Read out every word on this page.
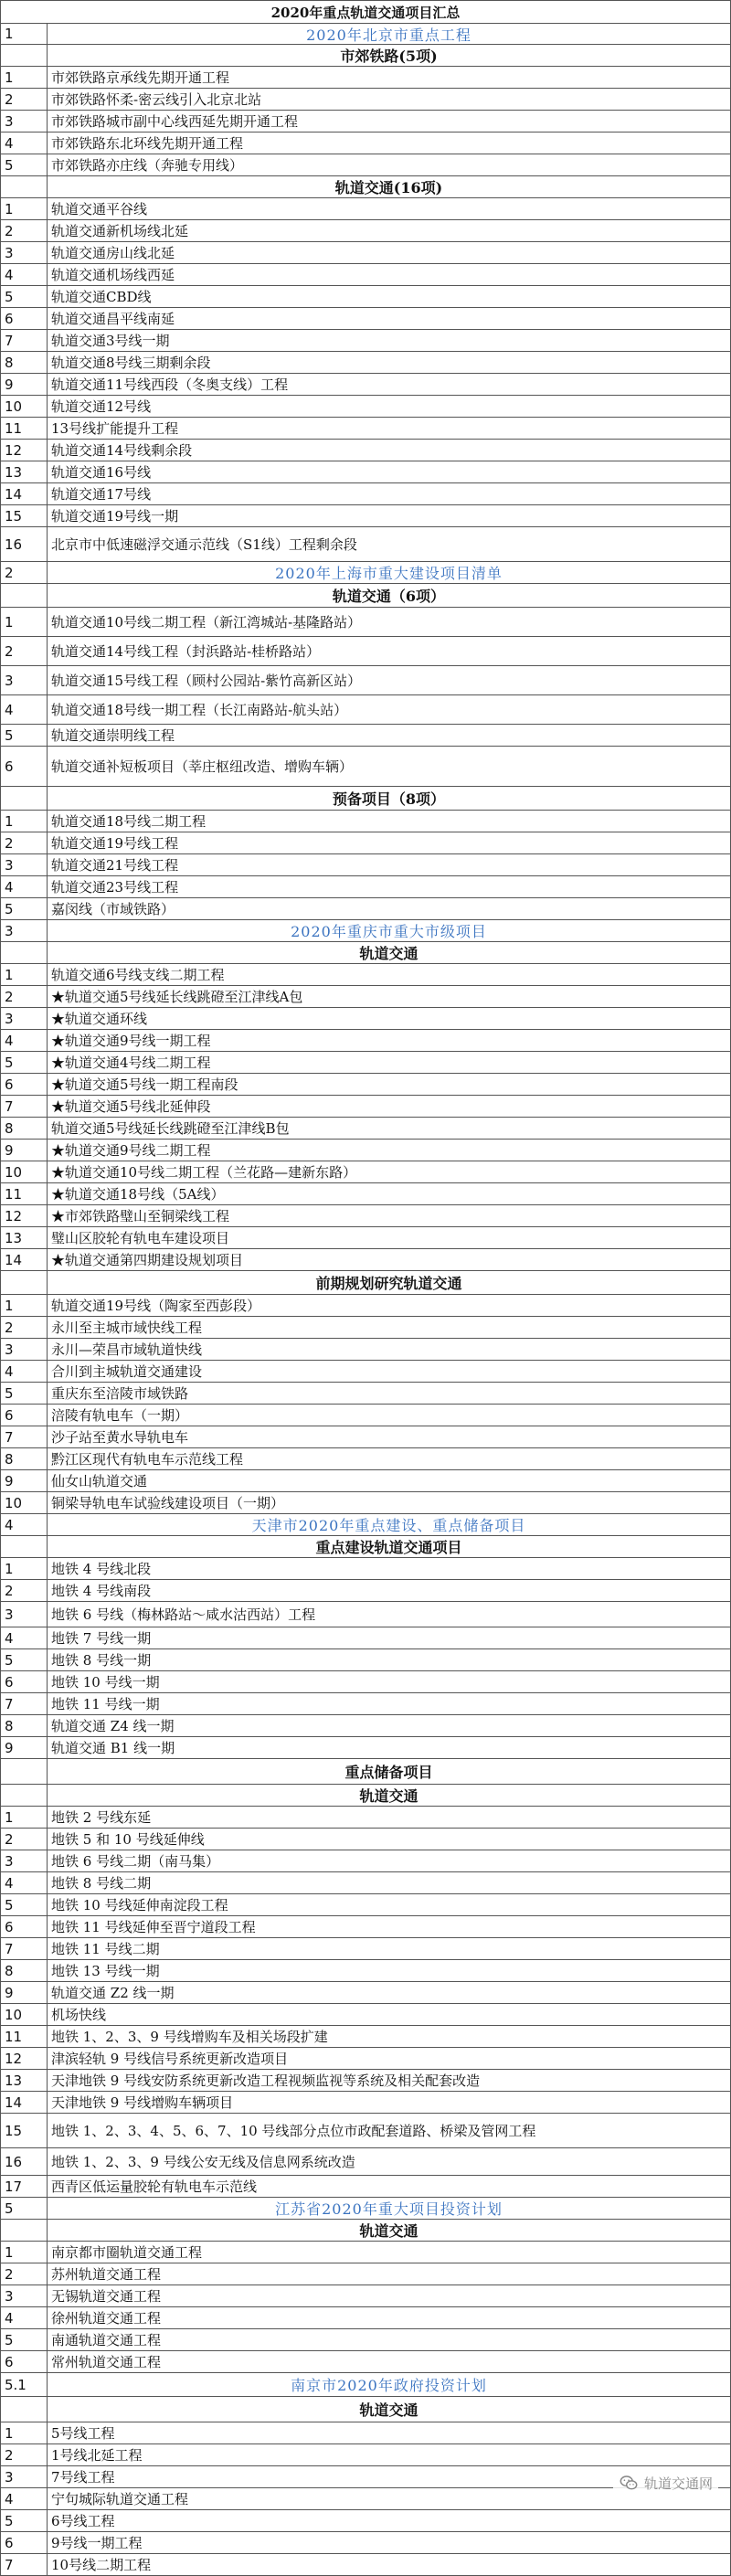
2020年重点轨道交通项目汇总
1	2020年北京市重点工程
市郊铁路(5项)
1	市郊铁路京承线先期开通工程
2	市郊铁路怀柔-密云线引入北京北站
3	市郊铁路城市副中心线西延先期开通工程
4	市郊铁路东北环线先期开通工程
5	市郊铁路亦庄线（奔驰专用线）
轨道交通(16项)
1	轨道交通平谷线
2	轨道交通新机场线北延
3	轨道交通房山线北延
4	轨道交通机场线西延
5	轨道交通CBD线
6	轨道交通昌平线南延
7	轨道交通3号线一期
8	轨道交通8号线三期剩余段
9	轨道交通11号线西段（冬奥支线）工程
10	轨道交通12号线
11	13号线扩能提升工程
12	轨道交通14号线剩余段
13	轨道交通16号线
14	轨道交通17号线
15	轨道交通19号线一期
16	北京市中低速磁浮交通示范线（S1线）工程剩余段
2	2020年上海市重大建设项目清单
轨道交通（6项）
1	轨道交通10号线二期工程（新江湾城站-基隆路站）
2	轨道交通14号线工程（封浜路站-桂桥路站）
3	轨道交通15号线工程（顾村公园站-紫竹高新区站）
4	轨道交通18号线一期工程（长江南路站-航头站）
5	轨道交通崇明线工程
6	轨道交通补短板项目（莘庄枢纽改造、增购车辆）
预备项目（8项）
1	轨道交通18号线二期工程
2	轨道交通19号线工程
3	轨道交通21号线工程
4	轨道交通23号线工程
5	嘉闵线（市域铁路）
3	2020年重庆市重大市级项目
轨道交通
1	轨道交通6号线支线二期工程
2	★轨道交通5号线延长线跳磴至江津线A包
3	★轨道交通环线
4	★轨道交通9号线一期工程
5	★轨道交通4号线二期工程
6	★轨道交通5号线一期工程南段
7	★轨道交通5号线北延伸段
8	轨道交通5号线延长线跳磴至江津线B包
9	★轨道交通9号线二期工程
10	★轨道交通10号线二期工程（兰花路—建新东路）
11	★轨道交通18号线（5A线）
12	★市郊铁路璧山至铜梁线工程
13	璧山区胶轮有轨电车建设项目
14	★轨道交通第四期建设规划项目
前期规划研究轨道交通
1	轨道交通19号线（陶家至西彭段）
2	永川至主城市域快线工程
3	永川—荣昌市域轨道快线
4	合川到主城轨道交通建设
5	重庆东至涪陵市域铁路
6	涪陵有轨电车（一期）
7	沙子站至黄水导轨电车
8	黔江区现代有轨电车示范线工程
9	仙女山轨道交通
10	铜梁导轨电车试验线建设项目（一期）
4	天津市2020年重点建设、重点储备项目
重点建设轨道交通项目
1	地铁 4 号线北段
2	地铁 4 号线南段
3	地铁 6 号线（梅林路站～咸水沽西站）工程
4	地铁 7 号线一期
5	地铁 8 号线一期
6	地铁 10 号线一期
7	地铁 11 号线一期
8	轨道交通 Z4 线一期
9	轨道交通 B1 线一期
重点储备项目
轨道交通
1	地铁 2 号线东延
2	地铁 5 和 10 号线延伸线
3	地铁 6 号线二期（南马集）
4	地铁 8 号线二期
5	地铁 10 号线延伸南淀段工程
6	地铁 11 号线延伸至晋宁道段工程
7	地铁 11 号线二期
8	地铁 13 号线一期
9	轨道交通 Z2 线一期
10	机场快线
11	地铁 1、2、3、9 号线增购车及相关场段扩建
12	津滨轻轨 9 号线信号系统更新改造项目
13	天津地铁 9 号线安防系统更新改造工程视频监视等系统及相关配套改造
14	天津地铁 9 号线增购车辆项目
15	地铁 1、2、3、4、5、6、7、10 号线部分点位市政配套道路、桥梁及管网工程
16	地铁 1、2、3、9 号线公安无线及信息网系统改造
17	西青区低运量胶轮有轨电车示范线
5	江苏省2020年重大项目投资计划
轨道交通
1	南京都市圈轨道交通工程
2	苏州轨道交通工程
3	无锡轨道交通工程
4	徐州轨道交通工程
5	南通轨道交通工程
6	常州轨道交通工程
5.1	南京市2020年政府投资计划
轨道交通
1	5号线工程
2	1号线北延工程
3	7号线工程
4	宁句城际轨道交通工程
5	6号线工程
6	9号线一期工程
7	10号线二期工程
轨道交通网
